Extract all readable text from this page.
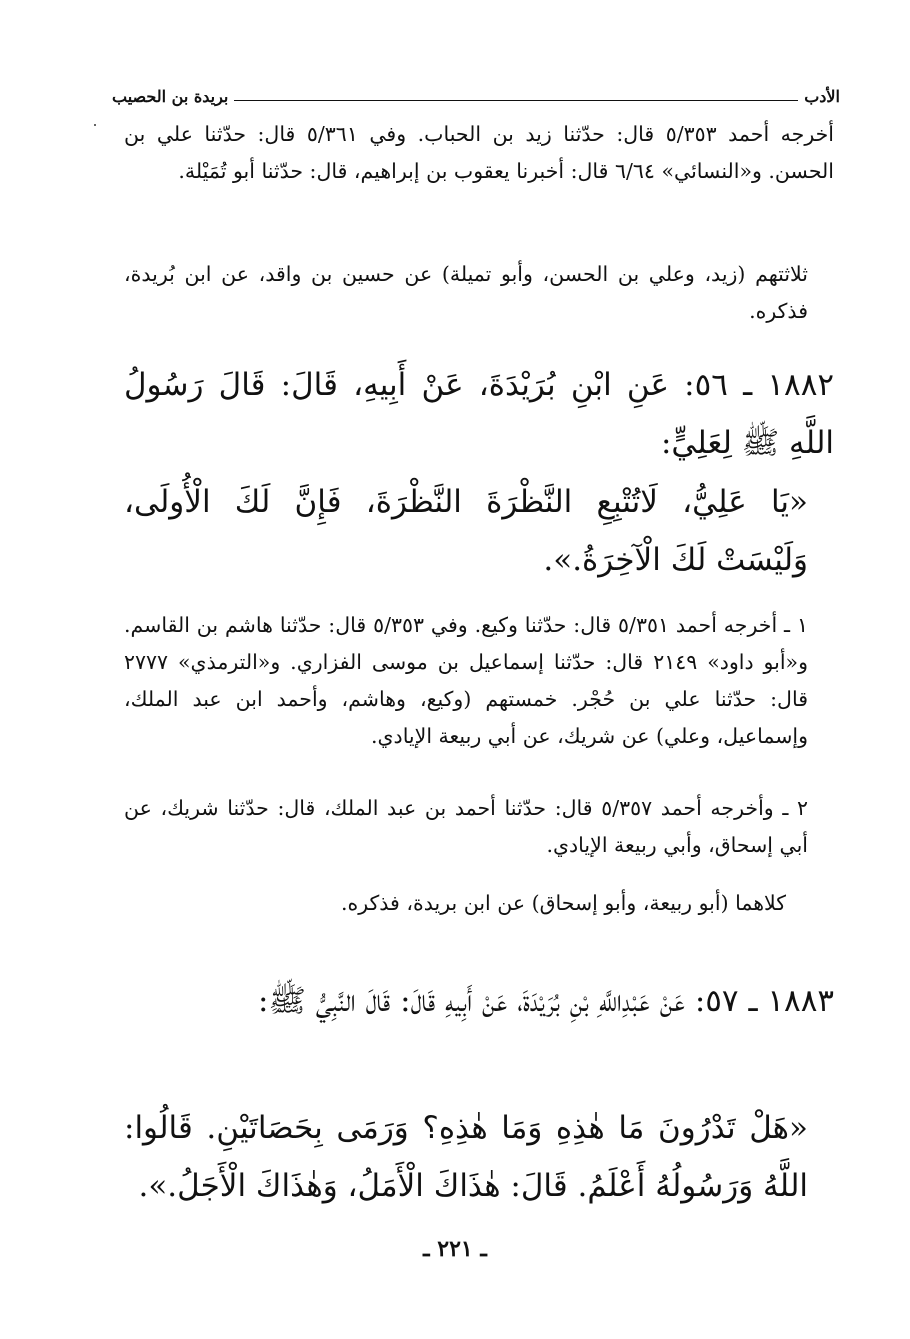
الأدب
بريدة بن الحصيب

أخرجه أحمد ٥/٣٥٣ قال: حدّثنا زيد بن الحباب. وفي ٥/٣٦١ قال: حدّثنا علي بن الحسن. و«النسائي» ٦/٦٤ قال: أخبرنا يعقوب بن إبراهيم، قال: حدّثنا أبو تُمَيْلة.

ثلاثتهم (زيد، وعلي بن الحسن، وأبو تميلة) عن حسين بن واقد، عن ابن بُريدة، فذكره.

١٨٨٢ ـ ٥٦: عَنِ ابْنِ بُرَيْدَةَ، عَنْ أَبِيهِ، قَالَ: قَالَ رَسُولُ اللَّهِ ﷺ لِعَلِيٍّ:

«يَا عَلِيُّ، لَاتُتْبِعِ النَّظْرَةَ النَّظْرَةَ، فَإِنَّ لَكَ الْأُولَى، وَلَيْسَتْ لَكَ الْآخِرَةُ.».

١ ـ أخرجه أحمد ٥/٣٥١ قال: حدّثنا وكيع. وفي ٥/٣٥٣ قال: حدّثنا هاشم بن القاسم. و«أبو داود» ٢١٤٩ قال: حدّثنا إسماعيل بن موسى الفزاري. و«الترمذي» ٢٧٧٧ قال: حدّثنا علي بن حُجْر. خمستهم (وكيع، وهاشم، وأحمد ابن عبد الملك، وإسماعيل، وعلي) عن شريك، عن أبي ربيعة الإيادي.

٢ ـ وأخرجه أحمد ٥/٣٥٧ قال: حدّثنا أحمد بن عبد الملك، قال: حدّثنا شريك، عن أبي إسحاق، وأبي ربيعة الإيادي.

كلاهما (أبو ربيعة، وأبو إسحاق) عن ابن بريدة، فذكره.

١٨٨٣ ـ ٥٧: عَنْ عَبْدِاللَّهِ بْنِ بُرَيْدَةَ، عَنْ أَبِيهِ قَالَ: قَالَ النَّبِيُّ ﷺ:

«هَلْ تَدْرُونَ مَا هٰذِهِ وَمَا هٰذِهِ؟ وَرَمَى بِحَصَاتَيْنِ. قَالُوا: اللَّهُ وَرَسُولُهُ أَعْلَمُ. قَالَ: هٰذَاكَ الْأَمَلُ، وَهٰذَاكَ الْأَجَلُ.».

ـ ٢٢١ ـ
